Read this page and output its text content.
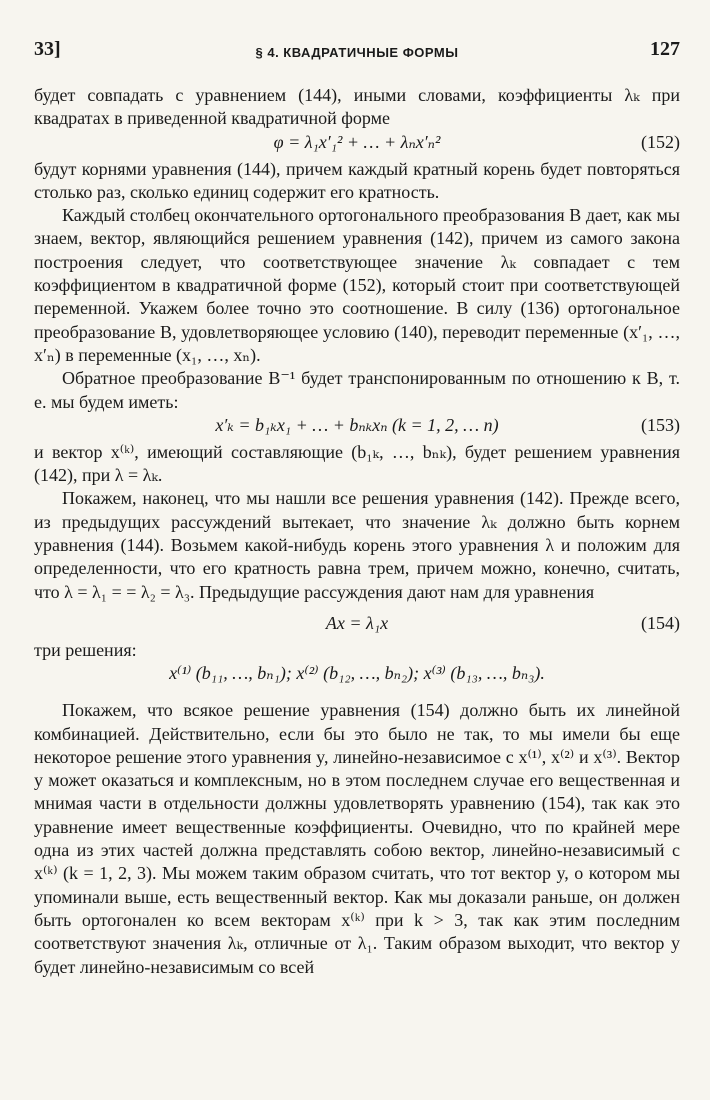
33]	§ 4. КВАДРАТИЧНЫЕ ФОРМЫ	127

будет совпадать с уравнением (144), иными словами, коэффициенты λₖ при квадратах в приведенной квадратичной форме

φ = λ₁x′₁² + … + λₙx′ₙ²	(152)

будут корнями уравнения (144), причем каждый кратный корень будет повторяться столько раз, сколько единиц содержит его кратность.

Каждый столбец окончательного ортогонального преобразования B дает, как мы знаем, вектор, являющийся решением уравнения (142), причем из самого закона построения следует, что соответствующее значение λₖ совпадает с тем коэффициентом в квадратичной форме (152), который стоит при соответствующей переменной. Укажем более точно это соотношение. В силу (136) ортогональное преобразование B, удовлетворяющее условию (140), переводит переменные (x′₁, …, x′ₙ) в переменные (x₁, …, xₙ).

Обратное преобразование B⁻¹ будет транспонированным по отношению к B, т. е. мы будем иметь:

x′ₖ = b₁ₖx₁ + … + bₙₖxₙ (k = 1, 2, … n)	(153)

и вектор x⁽ᵏ⁾, имеющий составляющие (b₁ₖ, …, bₙₖ), будет решением уравнения (142), при λ = λₖ.

Покажем, наконец, что мы нашли все решения уравнения (142). Прежде всего, из предыдущих рассуждений вытекает, что значение λₖ должно быть корнем уравнения (144). Возьмем какой-нибудь корень этого уравнения λ и положим для определенности, что его кратность равна трем, причем можно, конечно, считать, что λ = λ₁ = = λ₂ = λ₃. Предыдущие рассуждения дают нам для уравнения

Ax = λ₁x	(154)

три решения:

x⁽¹⁾ (b₁₁, …, bₙ₁); x⁽²⁾ (b₁₂, …, bₙ₂); x⁽³⁾ (b₁₃, …, bₙ₃).

Покажем, что всякое решение уравнения (154) должно быть их линейной комбинацией. Действительно, если бы это было не так, то мы имели бы еще некоторое решение этого уравнения y, линейно-независимое с x⁽¹⁾, x⁽²⁾ и x⁽³⁾. Вектор y может оказаться и комплексным, но в этом последнем случае его вещественная и мнимая части в отдельности должны удовлетворять уравнению (154), так как это уравнение имеет вещественные коэффициенты. Очевидно, что по крайней мере одна из этих частей должна представлять собою вектор, линейно-независимый с x⁽ᵏ⁾ (k = 1, 2, 3). Мы можем таким образом считать, что тот вектор y, о котором мы упоминали выше, есть вещественный вектор. Как мы доказали раньше, он должен быть ортогонален ко всем векторам x⁽ᵏ⁾ при k > 3, так как этим последним соответствуют значения λₖ, отличные от λ₁. Таким образом выходит, что вектор y будет линейно-независимым со всей
